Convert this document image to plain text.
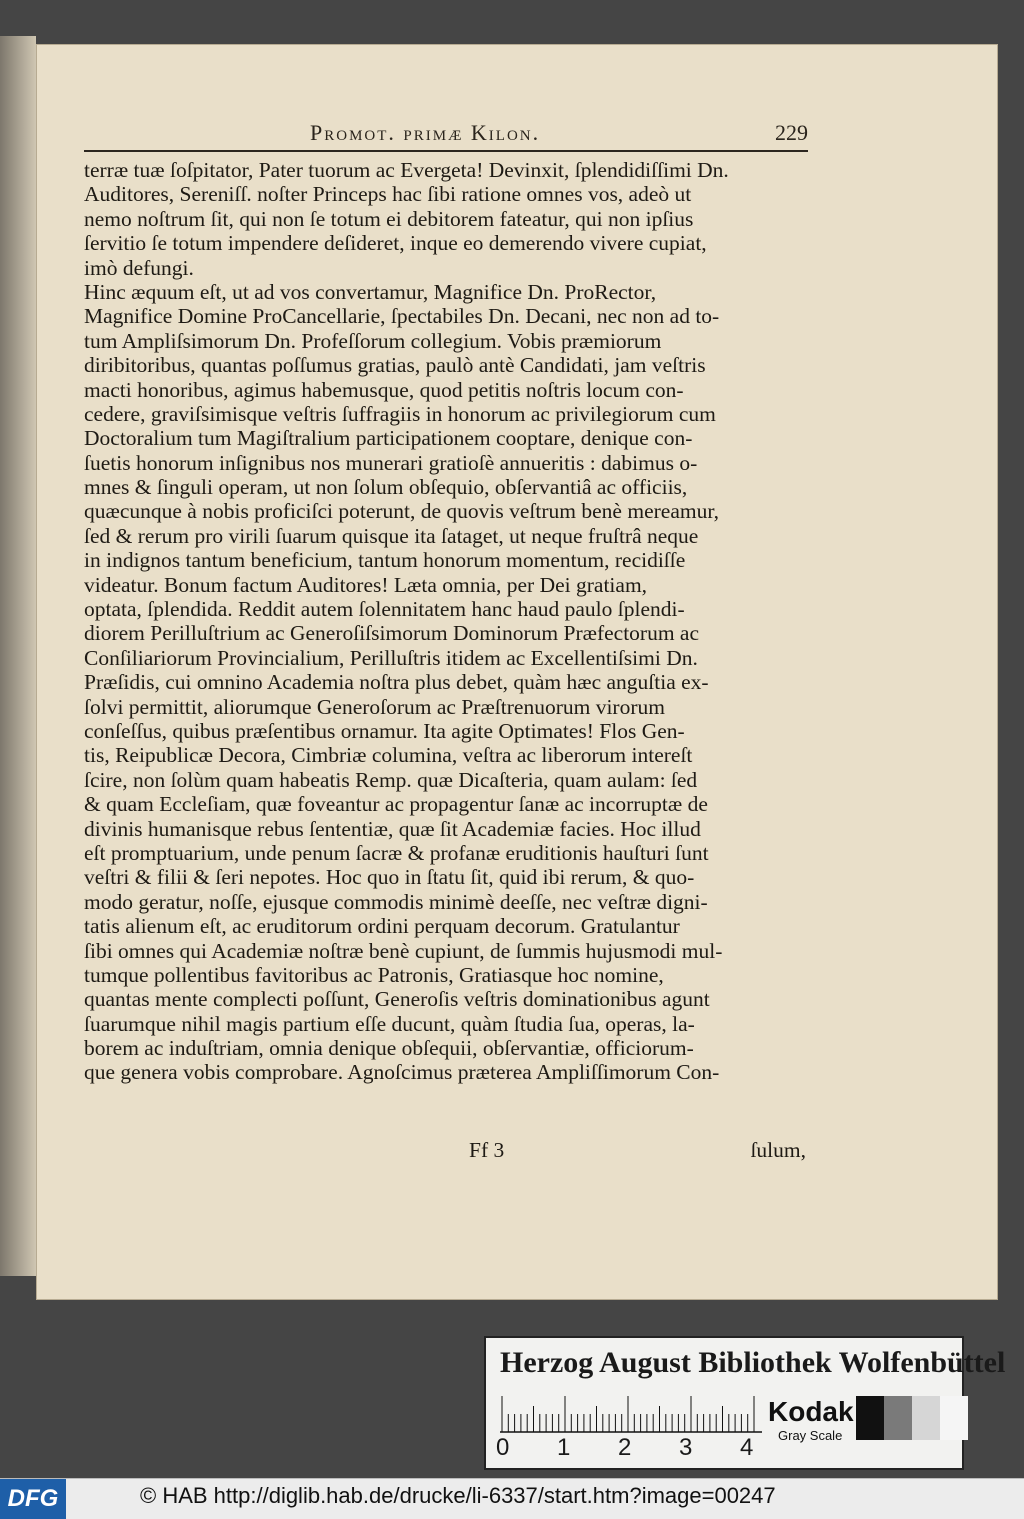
Promot. primæ Kilon.	229
terræ tuæ ſoſpitator, Pater tuorum ac Evergeta! Devinxit, ſplendidiſſimi Dn.
Auditores, Sereniſſ. noſter Princeps hac ſibi ratione omnes vos, adeò ut
nemo noſtrum ſit, qui non ſe totum ei debitorem fateatur, qui non ipſius
ſervitio ſe totum impendere deſideret, inque eo demerendo vivere cupiat,
imò defungi.
Hinc æquum eſt, ut ad vos convertamur, Magnifice Dn. ProRector,
Magnifice Domine ProCancellarie, ſpectabiles Dn. Decani, nec non ad to-
tum Ampliſsimorum Dn. Profeſſorum collegium. Vobis præmiorum
diribitoribus, quantas poſſumus gratias, paulò antè Candidati, jam veſtris
macti honoribus, agimus habemusque, quod petitis noſtris locum con-
cedere, graviſsimisque veſtris ſuffragiis in honorum ac privilegiorum cum
Doctoralium tum Magiſtralium participationem cooptare, denique con-
ſuetis honorum inſignibus nos munerari gratioſè annueritis : dabimus o-
mnes & ſinguli operam, ut non ſolum obſequio, obſervantiâ ac officiis,
quæcunque à nobis proficiſci poterunt, de quovis veſtrum benè mereamur,
ſed & rerum pro virili ſuarum quisque ita ſataget, ut neque fruſtrâ neque
in indignos tantum beneficium, tantum honorum momentum, recidiſſe
videatur. Bonum factum Auditores! Læta omnia, per Dei gratiam,
optata, ſplendida. Reddit autem ſolennitatem hanc haud paulo ſplendi-
diorem Perilluſtrium ac Generoſiſsimorum Dominorum Præfectorum ac
Conſiliariorum Provincialium, Perilluſtris itidem ac Excellentiſsimi Dn.
Præſidis, cui omnino Academia noſtra plus debet, quàm hæc anguſtia ex-
ſolvi permittit, aliorumque Generoſorum ac Præſtrenuorum virorum
conſeſſus, quibus præſentibus ornamur. Ita agite Optimates! Flos Gen-
tis, Reipublicæ Decora, Cimbriæ columina, veſtra ac liberorum intereſt
ſcire, non ſolùm quam habeatis Remp. quæ Dicaſteria, quam aulam: ſed
& quam Eccleſiam, quæ foveantur ac propagentur ſanæ ac incorruptæ de
divinis humanisque rebus ſententiæ, quæ ſit Academiæ facies. Hoc illud
eſt promptuarium, unde penum ſacræ & profanæ eruditionis hauſturi ſunt
veſtri & filii & ſeri nepotes. Hoc quo in ſtatu ſit, quid ibi rerum, & quo-
modo geratur, noſſe, ejusque commodis minimè deeſſe, nec veſtræ digni-
tatis alienum eſt, ac eruditorum ordini perquam decorum. Gratulantur
ſibi omnes qui Academiæ noſtræ benè cupiunt, de ſummis hujusmodi mul-
tumque pollentibus favitoribus ac Patronis, Gratiasque hoc nomine,
quantas mente complecti poſſunt, Generoſis veſtris dominationibus agunt
ſuarumque nihil magis partium eſſe ducunt, quàm ſtudia ſua, operas, la-
borem ac induſtriam, omnia denique obſequii, obſervantiæ, officiorum-
que genera vobis comprobare. Agnoſcimus præterea Ampliſſimorum Con-
Ff 3	ſulum,
Herzog August Bibliothek Wolfenbüttel
0 1 2 3 4
Kodak
Gray Scale
DFG	© HAB http://diglib.hab.de/drucke/li-6337/start.htm?image=00247
